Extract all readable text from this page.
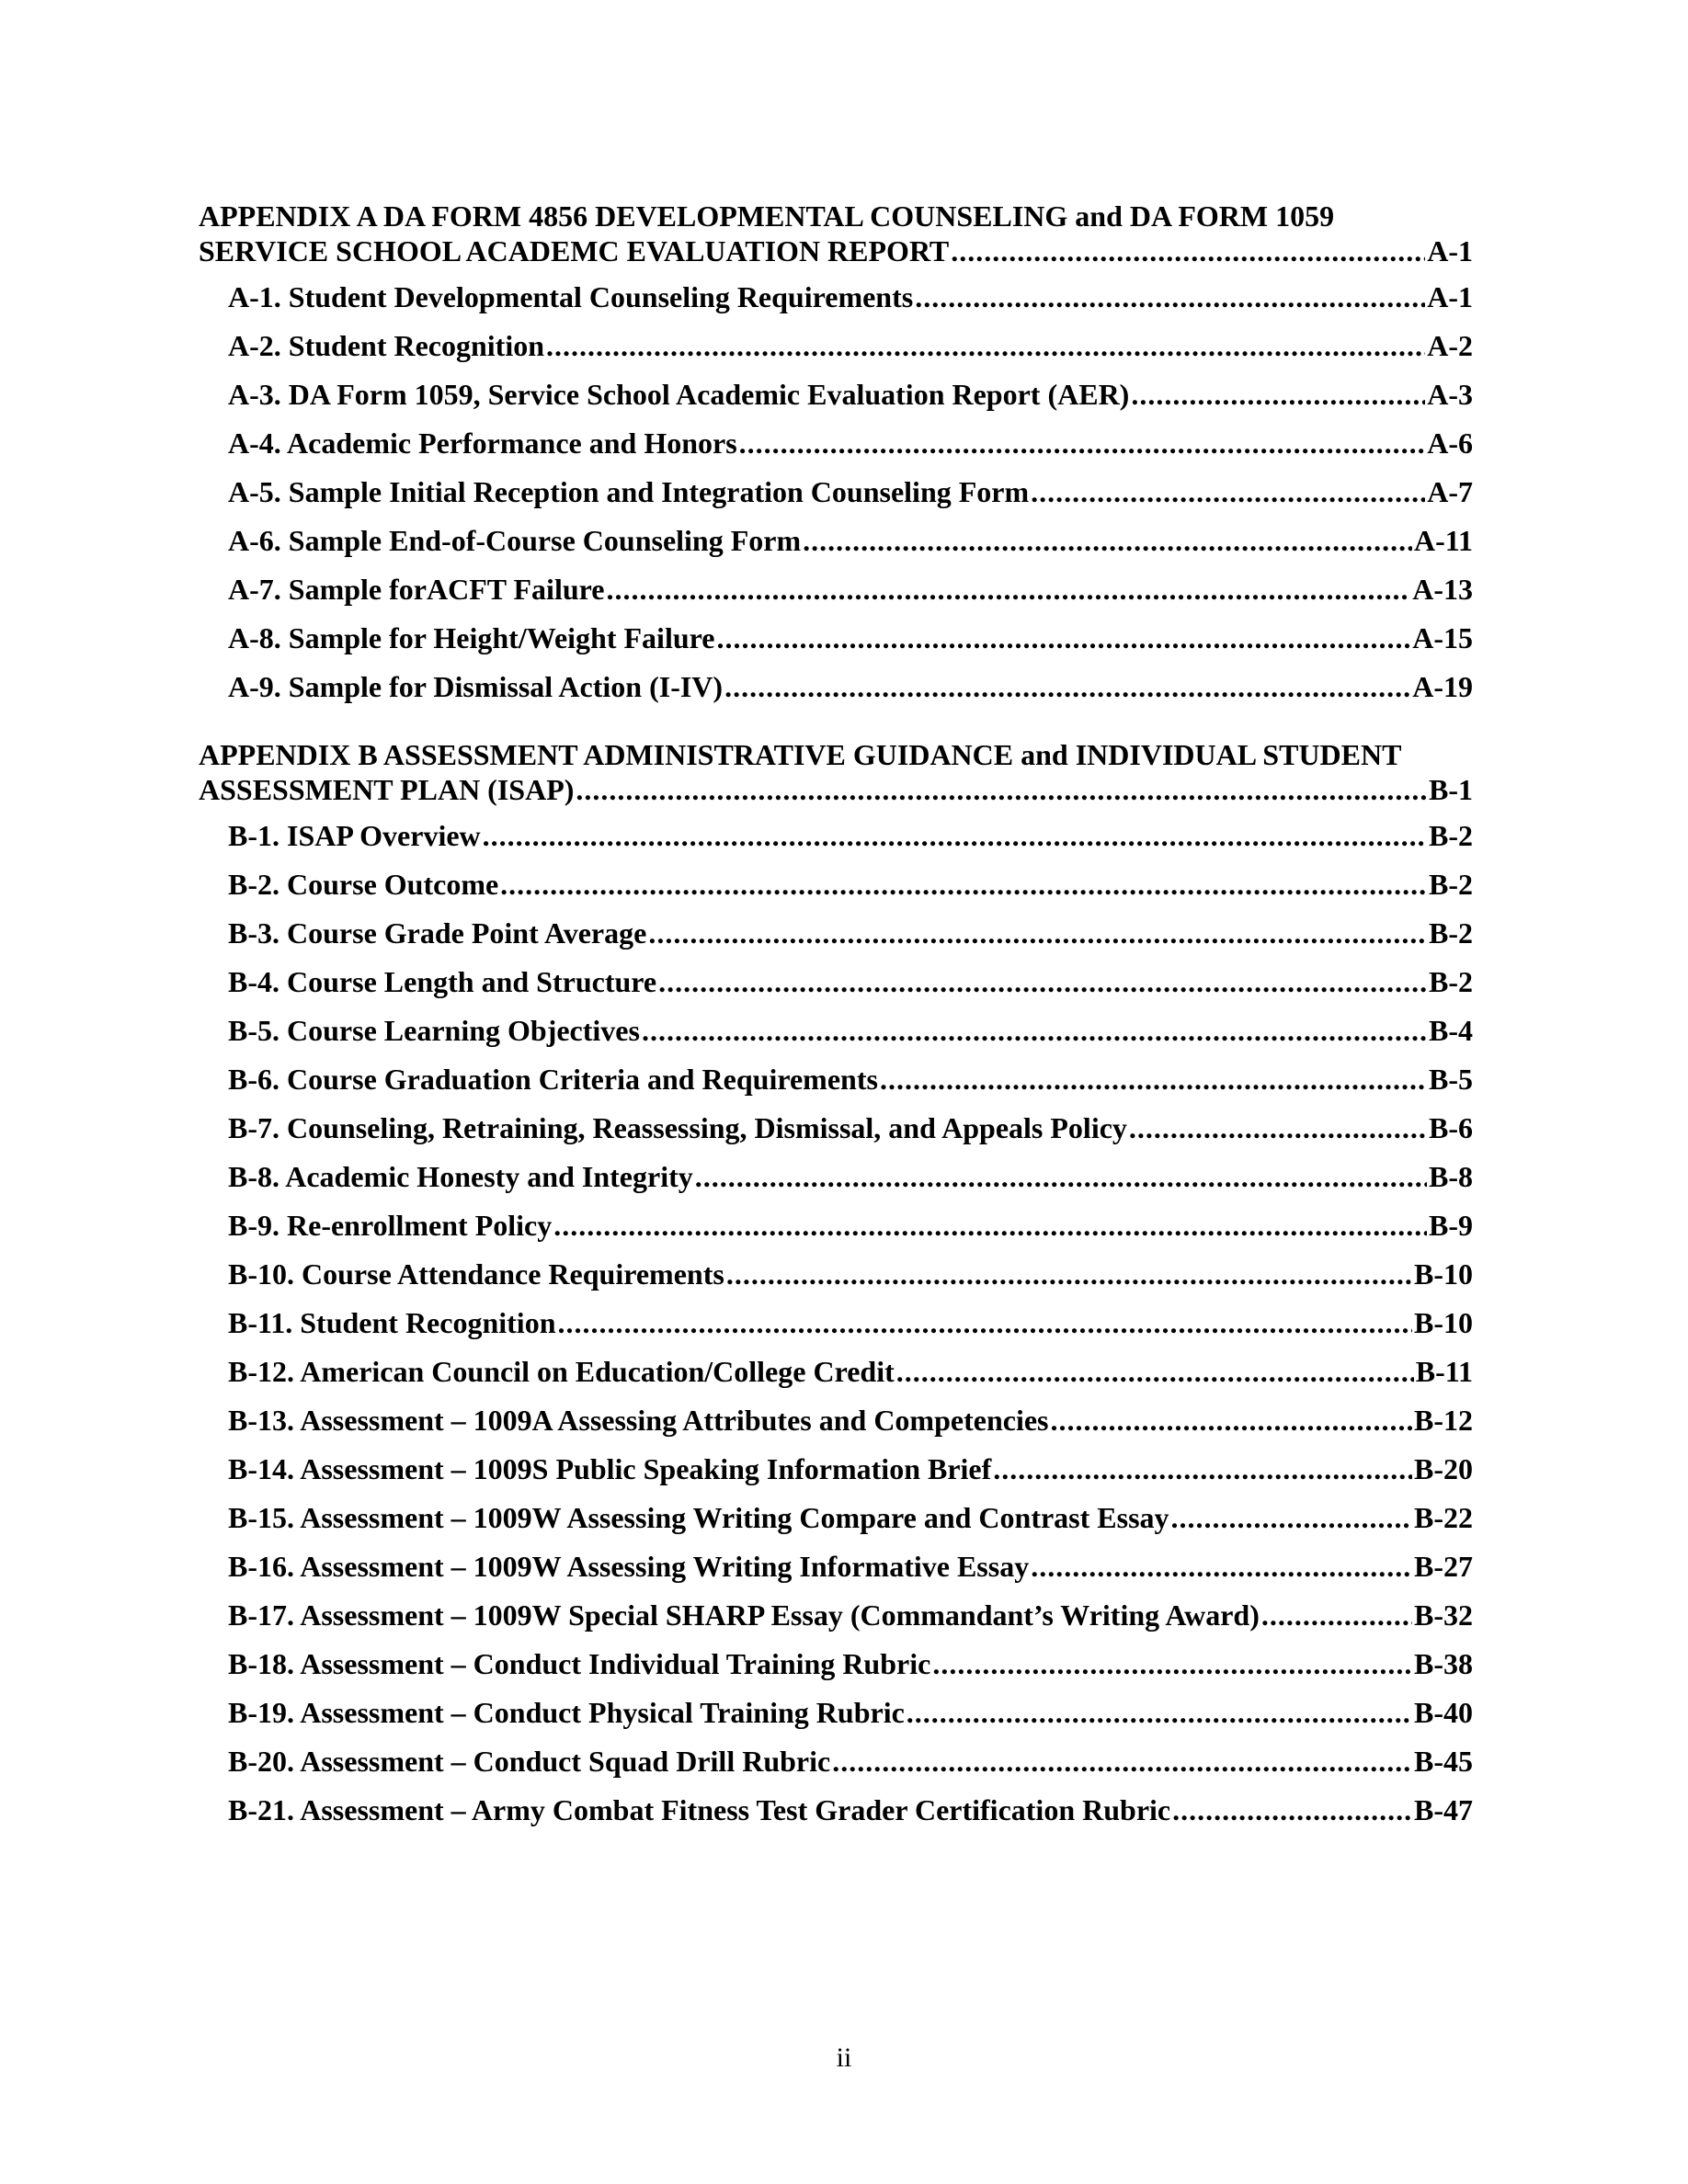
APPENDIX A DA FORM 4856 DEVELOPMENTAL COUNSELING and DA FORM 1059
SERVICE SCHOOL ACADEMC EVALUATION REPORT .....	A-1
A-1. Student Developmental Counseling Requirements .....	A-1
A-2. Student Recognition .....	A-2
A-3. DA Form 1059, Service School Academic Evaluation Report (AER) .....	A-3
A-4. Academic Performance and Honors .....	A-6
A-5. Sample Initial Reception and Integration Counseling Form .....	A-7
A-6. Sample End-of-Course Counseling Form .....	A-11
A-7. Sample forACFT Failure .....	A-13
A-8. Sample for Height/Weight Failure .....	A-15
A-9. Sample for Dismissal Action (I-IV) .....	A-19
APPENDIX B ASSESSMENT ADMINISTRATIVE GUIDANCE and INDIVIDUAL STUDENT
ASSESSMENT PLAN (ISAP) .....	B-1
B-1. ISAP Overview .....	B-2
B-2. Course Outcome .....	B-2
B-3. Course Grade Point Average .....	B-2
B-4. Course Length and Structure .....	B-2
B-5. Course Learning Objectives .....	B-4
B-6. Course Graduation Criteria and Requirements .....	B-5
B-7. Counseling, Retraining, Reassessing, Dismissal, and Appeals Policy .....	B-6
B-8. Academic Honesty and Integrity .....	B-8
B-9. Re-enrollment Policy .....	B-9
B-10. Course Attendance Requirements .....	B-10
B-11. Student Recognition .....	B-10
B-12. American Council on Education/College Credit .....	B-11
B-13. Assessment – 1009A Assessing Attributes and Competencies .....	B-12
B-14. Assessment – 1009S Public Speaking Information Brief .....	B-20
B-15. Assessment – 1009W Assessing Writing Compare and Contrast Essay .....	B-22
B-16. Assessment – 1009W Assessing Writing Informative Essay .....	B-27
B-17. Assessment – 1009W Special SHARP Essay (Commandant’s Writing Award) .....	B-32
B-18. Assessment – Conduct Individual Training Rubric .....	B-38
B-19. Assessment – Conduct Physical Training Rubric .....	B-40
B-20. Assessment – Conduct Squad Drill Rubric .....	B-45
B-21. Assessment – Army Combat Fitness Test Grader Certification Rubric .....	B-47
ii
